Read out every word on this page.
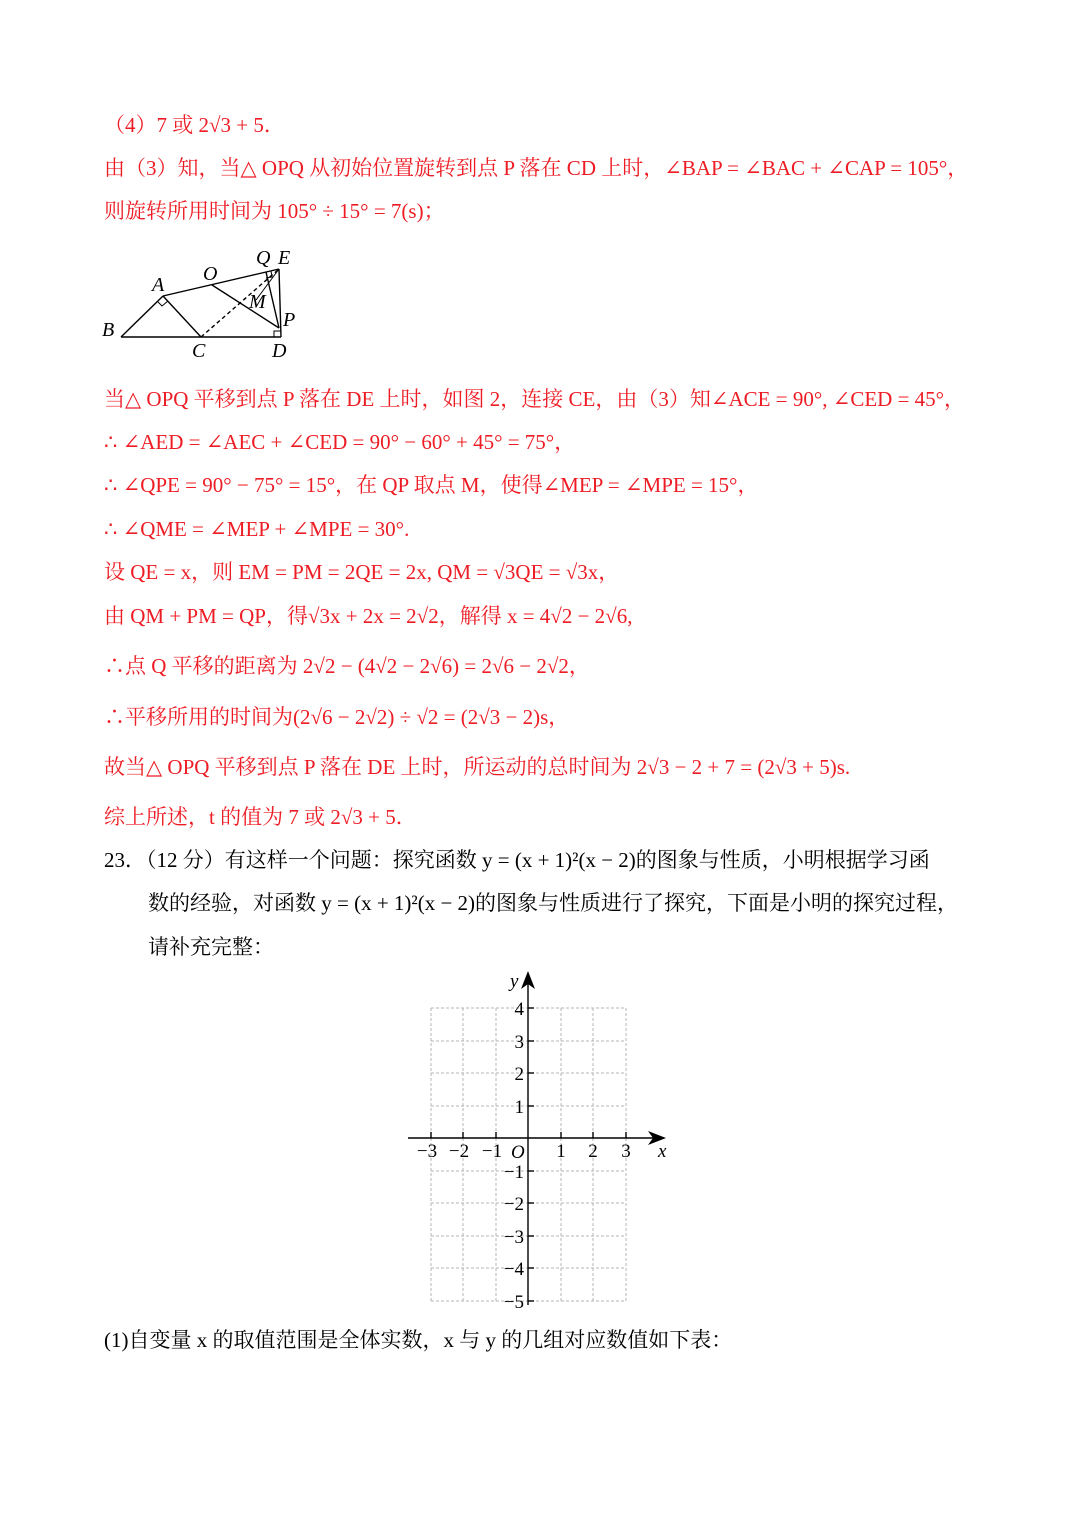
（4）7 或 2√3 + 5．
由（3）知，当△ OPQ 从初始位置旋转到点 P 落在 CD 上时，∠BAP = ∠BAC + ∠CAP = 105°，
则旋转所用时间为 105° ÷ 15° = 7(s)；
A
B
C	D
E
O
P
Q
M
当△ OPQ 平移到点 P 落在 DE 上时，如图 2，连接 CE，由（3）知∠ACE = 90°, ∠CED = 45°，
∴ ∠AED = ∠AEC + ∠CED = 90° − 60° + 45° = 75°，
∴ ∠QPE = 90° − 75° = 15°，在 QP 取点 M，使得∠MEP = ∠MPE = 15°，
∴ ∠QME = ∠MEP + ∠MPE = 30°.
设 QE = x，则 EM = PM = 2QE = 2x, QM = √3QE = √3x，
由 QM + PM = QP，得√3x + 2x = 2√2，解得 x = 4√2 − 2√6,
∴点 Q 平移的距离为 2√2 − (4√2 − 2√6) = 2√6 − 2√2，
∴平移所用的时间为(2√6 − 2√2) ÷ √2 = (2√3 − 2)s，
故当△ OPQ 平移到点 P 落在 DE 上时，所运动的总时间为 2√3 − 2 + 7 = (2√3 + 5)s.
综上所述，t 的值为 7 或 2√3 + 5．
23．（12 分）有这样一个问题：探究函数 y = (x + 1)²(x − 2)的图象与性质，小明根据学习函
数的经验，对函数 y = (x + 1)²(x − 2)的图象与性质进行了探究，下面是小明的探究过程，
请补充完整：
y
x
O
−3 −2 −1	1 2 3
4
3
2
1
−1
−2
−3
−4
−5
(1)自变量 x 的取值范围是全体实数，x 与 y 的几组对应数值如下表：
